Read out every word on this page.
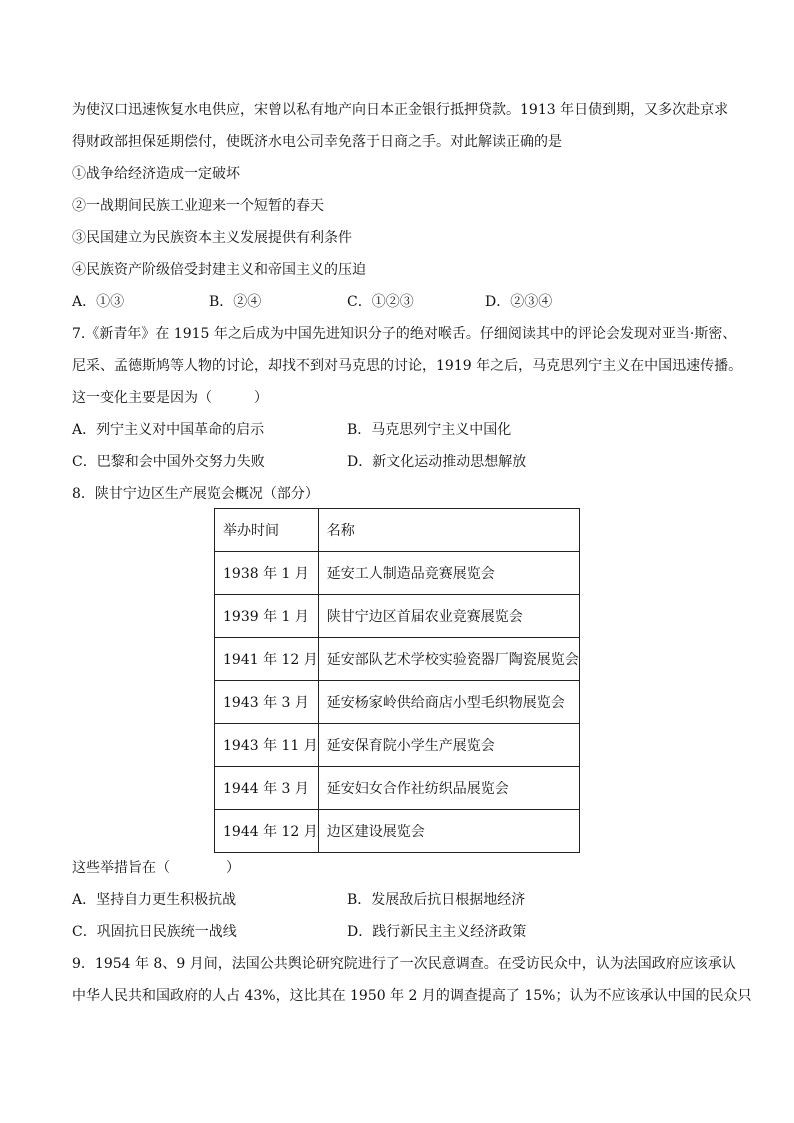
为使汉口迅速恢复水电供应，宋曾以私有地产向日本正金银行抵押贷款。1913 年日债到期，又多次赴京求
得财政部担保延期偿付，使既济水电公司幸免落于日商之手。对此解读正确的是
①战争给经济造成一定破坏
②一战期间民族工业迎来一个短暂的春天
③民国建立为民族资本主义发展提供有利条件
④民族资产阶级倍受封建主义和帝国主义的压迫
A．①③	B．②④	C．①②③	D．②③④
7.《新青年》在 1915 年之后成为中国先进知识分子的绝对喉舌。仔细阅读其中的评论会发现对亚当·斯密、
尼采、孟德斯鸠等人物的讨论，却找不到对马克思的讨论，1919 年之后，马克思列宁主义在中国迅速传播。
这一变化主要是因为（　　　）
A．列宁主义对中国革命的启示	B．马克思列宁主义中国化
C．巴黎和会中国外交努力失败	D．新文化运动推动思想解放
8．陕甘宁边区生产展览会概况（部分）
举办时间	名称
1938 年 1 月	延安工人制造品竞赛展览会
1939 年 1 月	陕甘宁边区首届农业竞赛展览会
1941 年 12 月	延安部队艺术学校实验瓷器厂陶瓷展览会
1943 年 3 月	延安杨家岭供给商店小型毛织物展览会
1943 年 11 月	延安保育院小学生产展览会
1944 年 3 月	延安妇女合作社纺织品展览会
1944 年 12 月	边区建设展览会
这些举措旨在（　　　　）
A．坚持自力更生积极抗战	B．发展敌后抗日根据地经济
C．巩固抗日民族统一战线	D．践行新民主主义经济政策
9．1954 年 8、9 月间，法国公共舆论研究院进行了一次民意调查。在受访民众中，认为法国政府应该承认
中华人民共和国政府的人占 43%，这比其在 1950 年 2 月的调查提高了 15%；认为不应该承认中国的民众只
